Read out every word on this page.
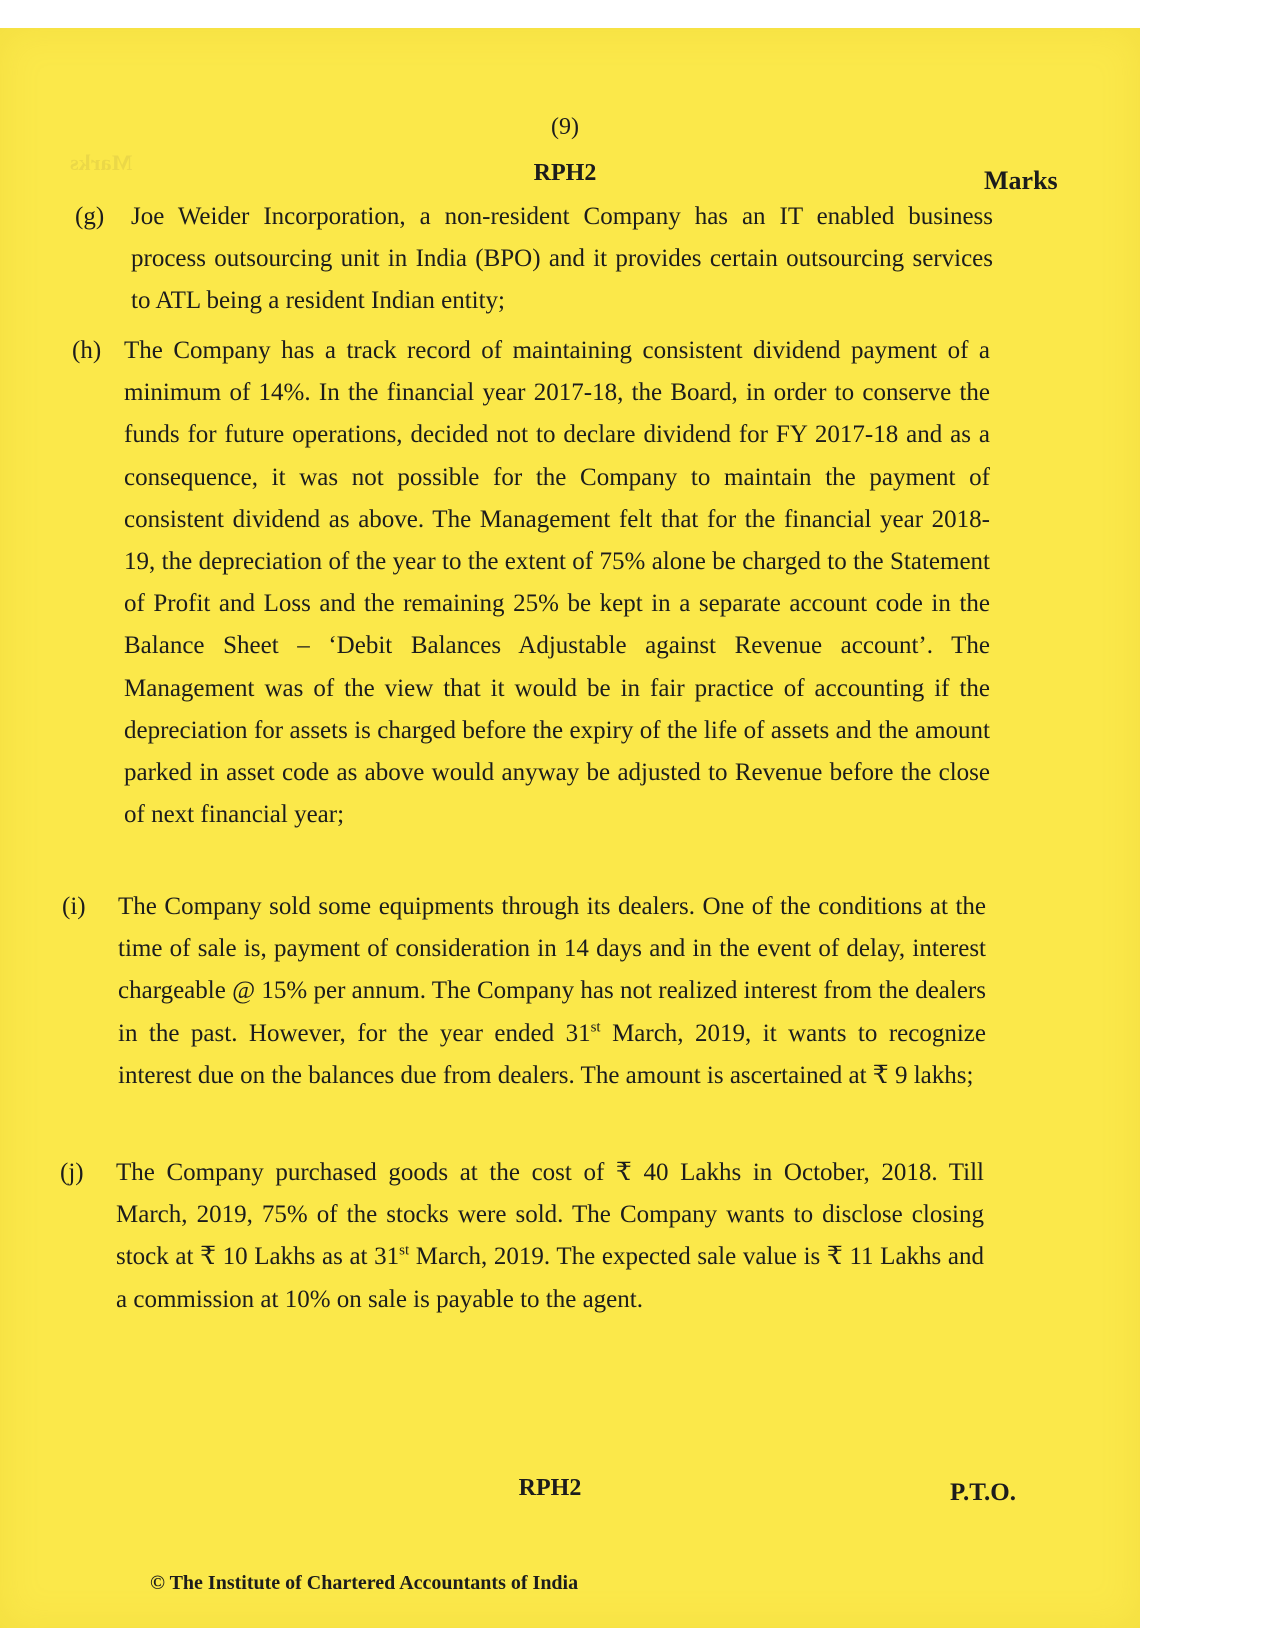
Marks
(9)
RPH2	Marks
(g)	Joe Weider Incorporation, a non-resident Company has an IT enabled business process outsourcing unit in India (BPO) and it provides certain outsourcing services to ATL being a resident Indian entity;
(h) The Company has a track record of maintaining consistent dividend payment of a minimum of 14%. In the financial year 2017-18, the Board, in order to conserve the funds for future operations, decided not to declare dividend for FY 2017-18 and as a consequence, it was not possible for the Company to maintain the payment of consistent dividend as above. The Management felt that for the financial year 2018-19, the depreciation of the year to the extent of 75% alone be charged to the Statement of Profit and Loss and the remaining 25% be kept in a separate account code in the Balance Sheet – ‘Debit Balances Adjustable against Revenue account’. The Management was of the view that it would be in fair practice of accounting if the depreciation for assets is charged before the expiry of the life of assets and the amount parked in asset code as above would anyway be adjusted to Revenue before the close of next financial year;
(i)	The Company sold some equipments through its dealers. One of the conditions at the time of sale is, payment of consideration in 14 days and in the event of delay, interest chargeable @ 15% per annum. The Company has not realized interest from the dealers in the past. However, for the year ended 31st March, 2019, it wants to recognize interest due on the balances due from dealers. The amount is ascertained at ₹ 9 lakhs;
(j)	The Company purchased goods at the cost of ₹ 40 Lakhs in October, 2018. Till March, 2019, 75% of the stocks were sold. The Company wants to disclose closing stock at ₹ 10 Lakhs as at 31st March, 2019. The expected sale value is ₹ 11 Lakhs and a commission at 10% on sale is payable to the agent.
RPH2	P.T.O.
© The Institute of Chartered Accountants of India
